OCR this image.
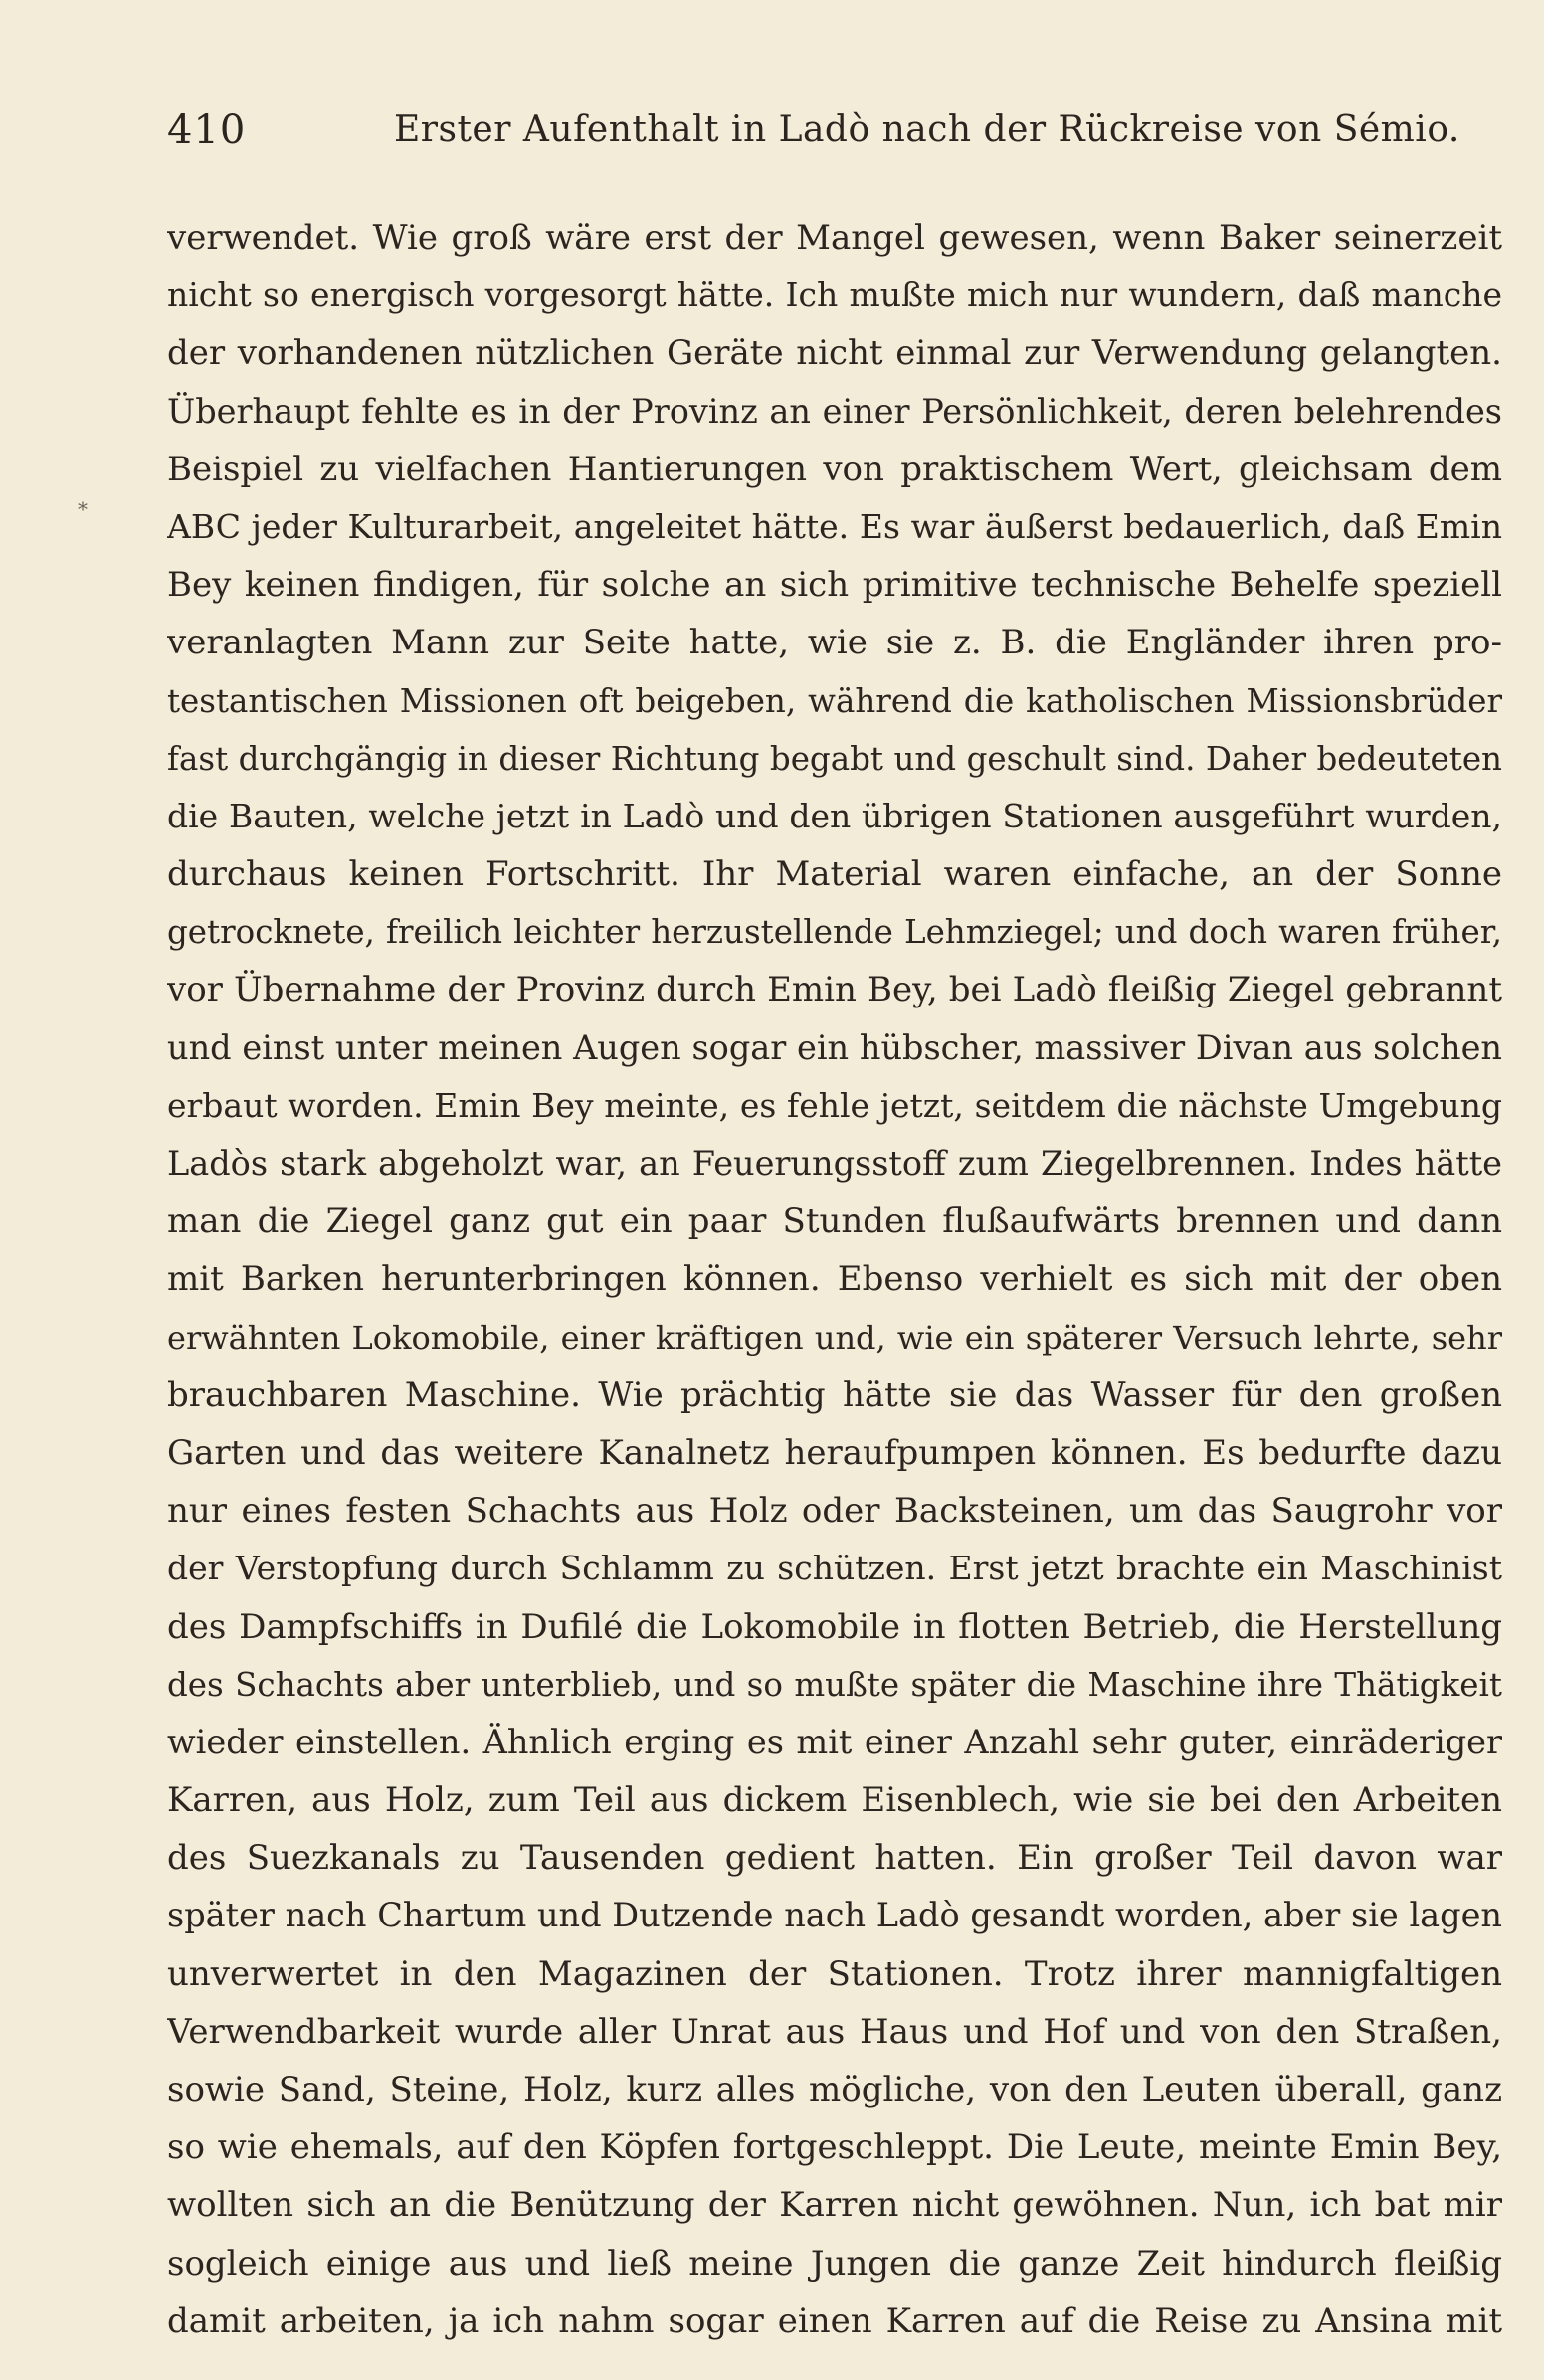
410	Erster Aufenthalt in Ladò nach der Rückreise von Sémio.
*
verwendet. Wie groß wäre erst der Mangel gewesen, wenn Baker seinerzeit
nicht so energisch vorgesorgt hätte. Ich mußte mich nur wundern, daß manche
der vorhandenen nützlichen Geräte nicht einmal zur Verwendung gelangten.
Überhaupt fehlte es in der Provinz an einer Persönlichkeit, deren belehrendes
Beispiel zu vielfachen Hantierungen von praktischem Wert, gleichsam dem
ABC jeder Kulturarbeit, angeleitet hätte. Es war äußerst bedauerlich, daß Emin
Bey keinen findigen, für solche an sich primitive technische Behelfe speziell
veranlagten Mann zur Seite hatte, wie sie z. B. die Engländer ihren pro-
testantischen Missionen oft beigeben, während die katholischen Missionsbrüder
fast durchgängig in dieser Richtung begabt und geschult sind. Daher bedeuteten
die Bauten, welche jetzt in Ladò und den übrigen Stationen ausgeführt wurden,
durchaus keinen Fortschritt. Ihr Material waren einfache, an der Sonne
getrocknete, freilich leichter herzustellende Lehmziegel; und doch waren früher,
vor Übernahme der Provinz durch Emin Bey, bei Ladò fleißig Ziegel gebrannt
und einst unter meinen Augen sogar ein hübscher, massiver Divan aus solchen
erbaut worden. Emin Bey meinte, es fehle jetzt, seitdem die nächste Umgebung
Ladòs stark abgeholzt war, an Feuerungsstoff zum Ziegelbrennen. Indes hätte
man die Ziegel ganz gut ein paar Stunden flußaufwärts brennen und dann
mit Barken herunterbringen können. Ebenso verhielt es sich mit der oben
erwähnten Lokomobile, einer kräftigen und, wie ein späterer Versuch lehrte, sehr
brauchbaren Maschine. Wie prächtig hätte sie das Wasser für den großen
Garten und das weitere Kanalnetz heraufpumpen können. Es bedurfte dazu
nur eines festen Schachts aus Holz oder Backsteinen, um das Saugrohr vor
der Verstopfung durch Schlamm zu schützen. Erst jetzt brachte ein Maschinist
des Dampfschiffs in Dufilé die Lokomobile in flotten Betrieb, die Herstellung
des Schachts aber unterblieb, und so mußte später die Maschine ihre Thätigkeit
wieder einstellen. Ähnlich erging es mit einer Anzahl sehr guter, einräderiger
Karren, aus Holz, zum Teil aus dickem Eisenblech, wie sie bei den Arbeiten
des Suezkanals zu Tausenden gedient hatten. Ein großer Teil davon war
später nach Chartum und Dutzende nach Ladò gesandt worden, aber sie lagen
unverwertet in den Magazinen der Stationen. Trotz ihrer mannigfaltigen
Verwendbarkeit wurde aller Unrat aus Haus und Hof und von den Straßen,
sowie Sand, Steine, Holz, kurz alles mögliche, von den Leuten überall, ganz
so wie ehemals, auf den Köpfen fortgeschleppt. Die Leute, meinte Emin Bey,
wollten sich an die Benützung der Karren nicht gewöhnen. Nun, ich bat mir
sogleich einige aus und ließ meine Jungen die ganze Zeit hindurch fleißig
damit arbeiten, ja ich nahm sogar einen Karren auf die Reise zu Ansina mit
